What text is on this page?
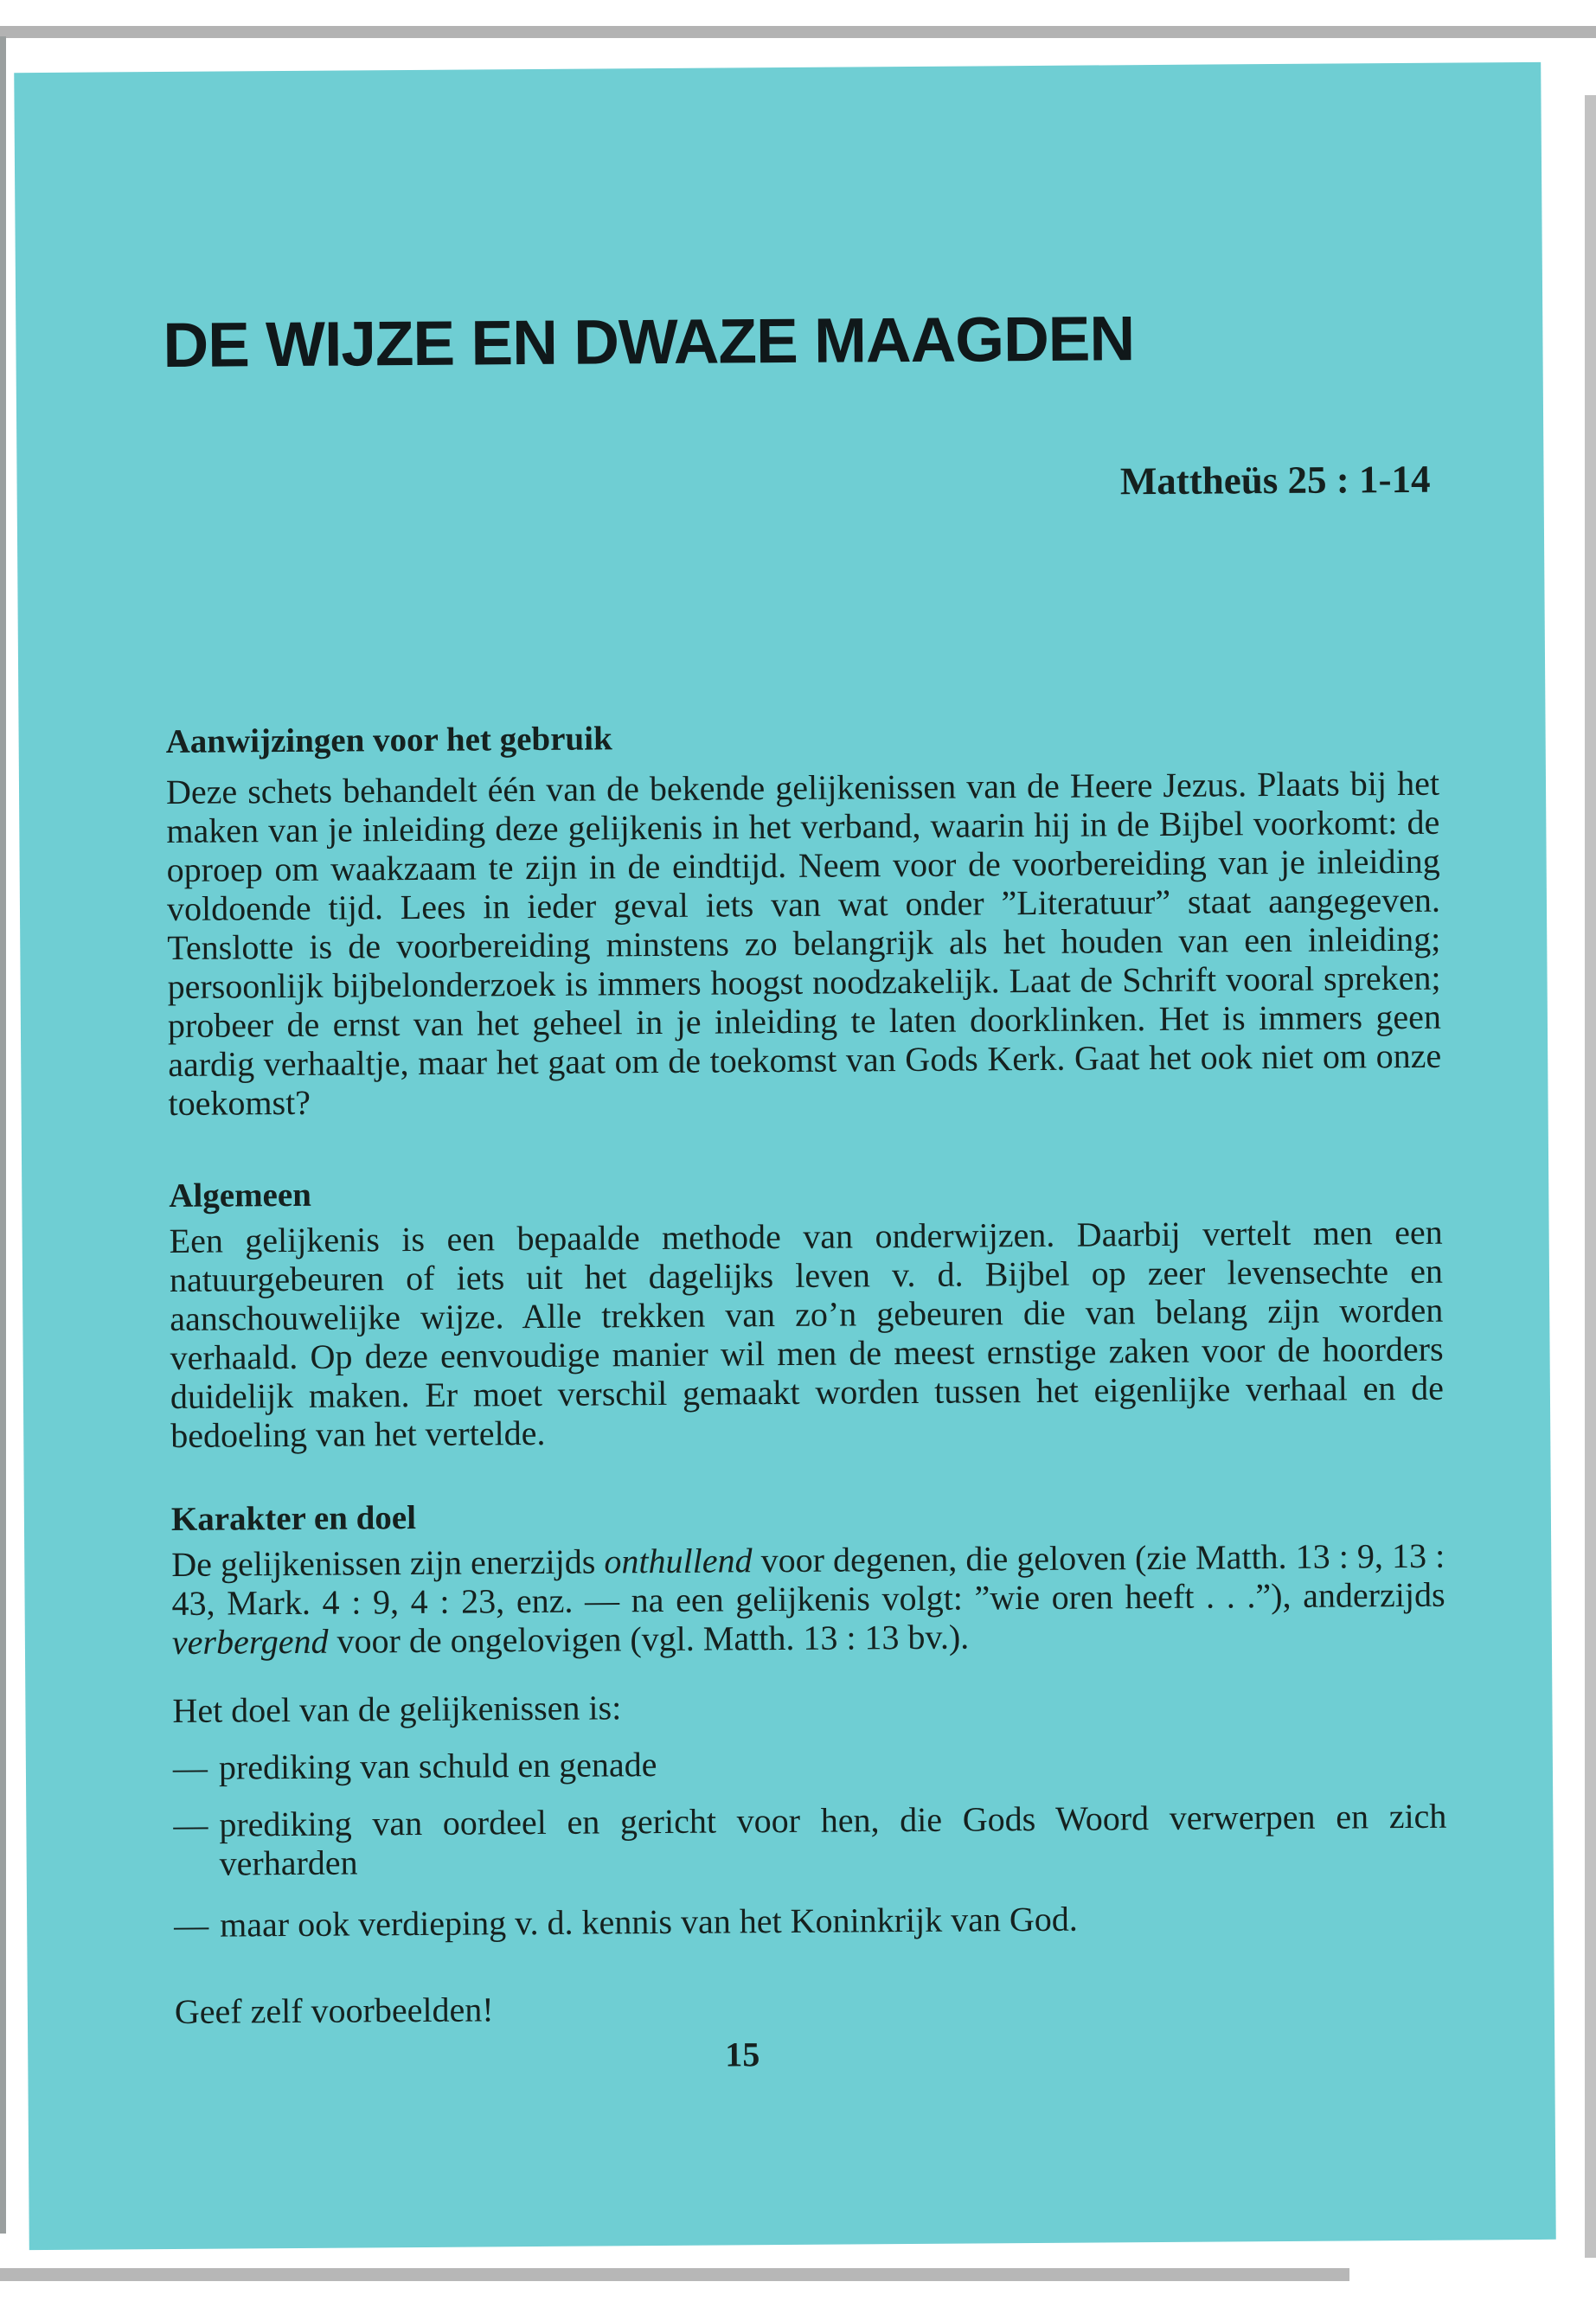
DE WIJZE EN DWAZE MAAGDEN
Mattheüs 25 : 1-14
Aanwijzingen voor het gebruik
Deze schets behandelt één van de bekende gelijkenissen van de Heere Jezus. Plaats bij het maken van je inleiding deze gelijkenis in het verband, waarin hij in de Bijbel voorkomt: de oproep om waakzaam te zijn in de eindtijd. Neem voor de voorbereiding van je inleiding voldoende tijd. Lees in ieder geval iets van wat onder ”Literatuur” staat aangegeven. Tenslotte is de voorbereiding minstens zo belangrijk als het houden van een inleiding; persoonlijk bijbelonderzoek is immers hoogst noodzakelijk. Laat de Schrift vooral spreken; probeer de ernst van het geheel in je inleiding te laten doorklinken. Het is immers geen aardig verhaaltje, maar het gaat om de toekomst van Gods Kerk. Gaat het ook niet om onze toekomst?
Algemeen
Een gelijkenis is een bepaalde methode van onderwijzen. Daarbij vertelt men een natuurgebeuren of iets uit het dagelijks leven v. d. Bijbel op zeer levensechte en aanschouwelijke wijze. Alle trekken van zo’n gebeuren die van belang zijn worden verhaald. Op deze eenvoudige manier wil men de meest ernstige zaken voor de hoorders duidelijk maken. Er moet verschil gemaakt worden tussen het eigenlijke verhaal en de bedoeling van het vertelde.
Karakter en doel
De gelijkenissen zijn enerzijds onthullend voor degenen, die geloven (zie Matth. 13 : 9, 13 : 43, Mark. 4 : 9, 4 : 23, enz. — na een gelijkenis volgt: ”wie oren heeft . . .”), anderzijds verbergend voor de ongelovigen (vgl. Matth. 13 : 13 bv.).
Het doel van de gelijkenissen is:
— prediking van schuld en genade
— prediking van oordeel en gericht voor hen, die Gods Woord verwerpen en zich verharden
— maar ook verdieping v. d. kennis van het Koninkrijk van God.
Geef zelf voorbeelden!
15
